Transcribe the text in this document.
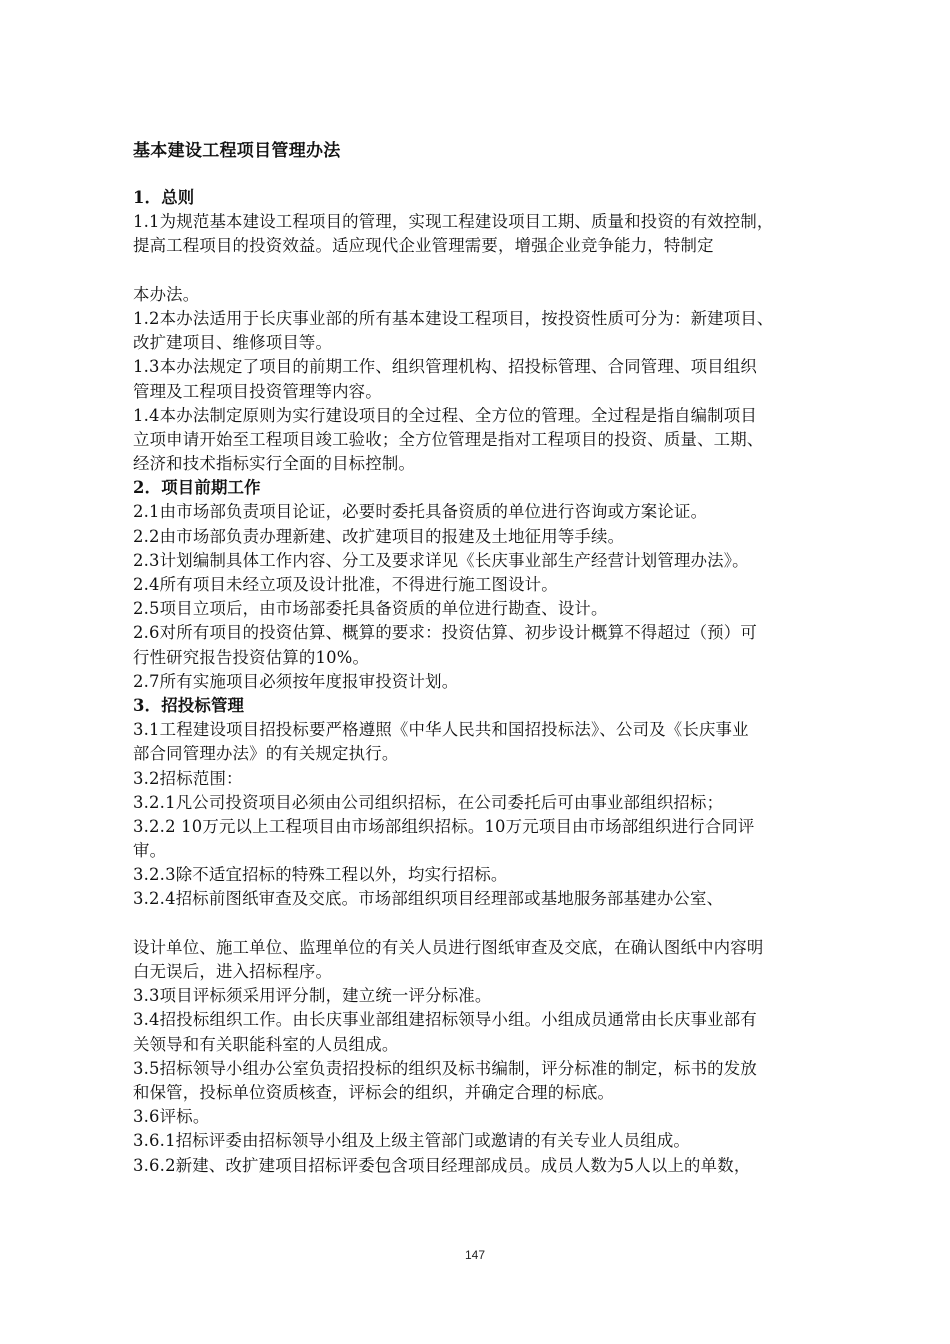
基本建设工程项目管理办法
1．总则
1.1为规范基本建设工程项目的管理，实现工程建设项目工期、质量和投资的有效控制，
提高工程项目的投资效益。适应现代企业管理需要，增强企业竞争能力，特制定
本办法。
1.2本办法适用于长庆事业部的所有基本建设工程项目，按投资性质可分为：新建项目、
改扩建项目、维修项目等。
1.3本办法规定了项目的前期工作、组织管理机构、招投标管理、合同管理、项目组织
管理及工程项目投资管理等内容。
1.4本办法制定原则为实行建设项目的全过程、全方位的管理。全过程是指自编制项目
立项申请开始至工程项目竣工验收；全方位管理是指对工程项目的投资、质量、工期、
经济和技术指标实行全面的目标控制。
2．项目前期工作
2.1由市场部负责项目论证，必要时委托具备资质的单位进行咨询或方案论证。
2.2由市场部负责办理新建、改扩建项目的报建及土地征用等手续。
2.3计划编制具体工作内容、分工及要求详见《长庆事业部生产经营计划管理办法》。
2.4所有项目未经立项及设计批准，不得进行施工图设计。
2.5项目立项后，由市场部委托具备资质的单位进行勘查、设计。
2.6对所有项目的投资估算、概算的要求：投资估算、初步设计概算不得超过（预）可
行性研究报告投资估算的10%。
2.7所有实施项目必须按年度报审投资计划。
3．招投标管理
3.1工程建设项目招投标要严格遵照《中华人民共和国招投标法》、公司及《长庆事业
部合同管理办法》的有关规定执行。
3.2招标范围：
3.2.1凡公司投资项目必须由公司组织招标，在公司委托后可由事业部组织招标；
3.2.2 10万元以上工程项目由市场部组织招标。10万元项目由市场部组织进行合同评
审。
3.2.3除不适宜招标的特殊工程以外，均实行招标。
3.2.4招标前图纸审查及交底。市场部组织项目经理部或基地服务部基建办公室、
设计单位、施工单位、监理单位的有关人员进行图纸审查及交底，在确认图纸中内容明
白无误后，进入招标程序。
3.3项目评标须采用评分制，建立统一评分标准。
3.4招投标组织工作。由长庆事业部组建招标领导小组。小组成员通常由长庆事业部有
关领导和有关职能科室的人员组成。
3.5招标领导小组办公室负责招投标的组织及标书编制，评分标准的制定，标书的发放
和保管，投标单位资质核查，评标会的组织，并确定合理的标底。
3.6评标。
3.6.1招标评委由招标领导小组及上级主管部门或邀请的有关专业人员组成。
3.6.2新建、改扩建项目招标评委包含项目经理部成员。成员人数为5人以上的单数，
147
